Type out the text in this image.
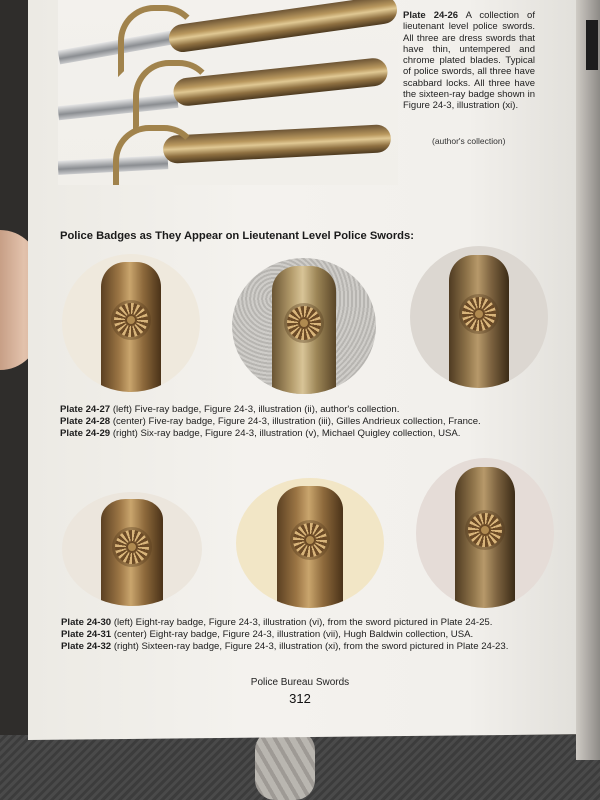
Plate 24-26 A collection of lieutenant level police swords. All three are dress swords that have thin, untempered and chrome plated blades. Typical of police swords, all three have scabbard locks. All three have the sixteen-ray badge shown in Figure 24-3, illustration (xi).
(author's collection)
Police Badges as They Appear on Lieutenant Level Police Swords:
Plate 24-27 (left) Five-ray badge, Figure 24-3, illustration (ii), author's collection.
Plate 24-28 (center) Five-ray badge, Figure 24-3, illustration (iii), Gilles Andrieux collection, France.
Plate 24-29 (right) Six-ray badge, Figure 24-3, illustration (v), Michael Quigley collection, USA.
Plate 24-30 (left) Eight-ray badge, Figure 24-3, illustration (vi), from the sword pictured in Plate 24-25.
Plate 24-31 (center) Eight-ray badge, Figure 24-3, illustration (vii), Hugh Baldwin collection, USA.
Plate 24-32 (right) Sixteen-ray badge, Figure 24-3, illustration (xi), from the sword pictured in Plate 24-23.
Police Bureau Swords
312
